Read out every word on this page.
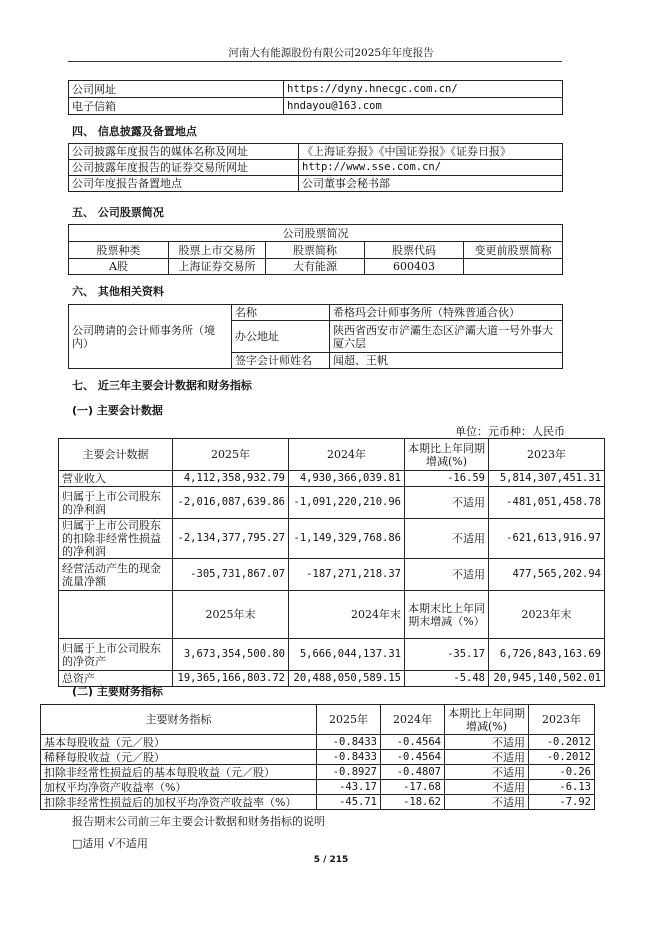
河南大有能源股份有限公司2025年年度报告
公司网址	https://dyny.hnecgc.com.cn/
电子信箱	hndayou@163.com
四、 信息披露及备置地点
公司披露年度报告的媒体名称及网址	《上海证券报》《中国证券报》《证券日报》
公司披露年度报告的证券交易所网址	http://www.sse.com.cn/
公司年度报告备置地点	公司董事会秘书部
五、 公司股票简况
公司股票简况				
股票种类	股票上市交易所	股票简称	股票代码	变更前股票简称
A股	上海证券交易所	大有能源	600403	
六、 其他相关资料
公司聘请的会计师事务所（境内）	名称	希格玛会计师事务所（特殊普通合伙）
	办公地址	陕西省西安市浐灞生态区浐灞大道一号外事大厦六层
	签字会计师姓名	闻超、王帆
七、 近三年主要会计数据和财务指标
(一) 主要会计数据
单位：元币种：人民币
主要会计数据	2025年	2024年	本期比上年同期增减(%)	2023年
营业收入	4,112,358,932.79	4,930,366,039.81	-16.59	5,814,307,451.31
归属于上市公司股东的净利润	-2,016,087,639.86	-1,091,220,210.96	不适用	-481,051,458.78
归属于上市公司股东的扣除非经常性损益的净利润	-2,134,377,795.27	-1,149,329,768.86	不适用	-621,613,916.97
经营活动产生的现金流量净额	-305,731,867.07	-187,271,218.37	不适用	477,565,202.94
	2025年末	2024年末	本期末比上年同期末增减（%）	2023年末
归属于上市公司股东的净资产	3,673,354,500.80	5,666,044,137.31	-35.17	6,726,843,163.69
总资产	19,365,166,803.72	20,488,050,589.15	-5.48	20,945,140,502.01
(二) 主要财务指标
主要财务指标	2025年	2024年	本期比上年同期增减(%)	2023年
基本每股收益（元／股）	-0.8433	-0.4564	不适用	-0.2012
稀释每股收益（元／股）	-0.8433	-0.4564	不适用	-0.2012
扣除非经常性损益后的基本每股收益（元／股）	-0.8927	-0.4807	不适用	-0.26
加权平均净资产收益率（%）	-43.17	-17.68	不适用	-6.13
扣除非经常性损益后的加权平均净资产收益率（%）	-45.71	-18.62	不适用	-7.92
报告期末公司前三年主要会计数据和财务指标的说明
□适用 √不适用
5 / 215
